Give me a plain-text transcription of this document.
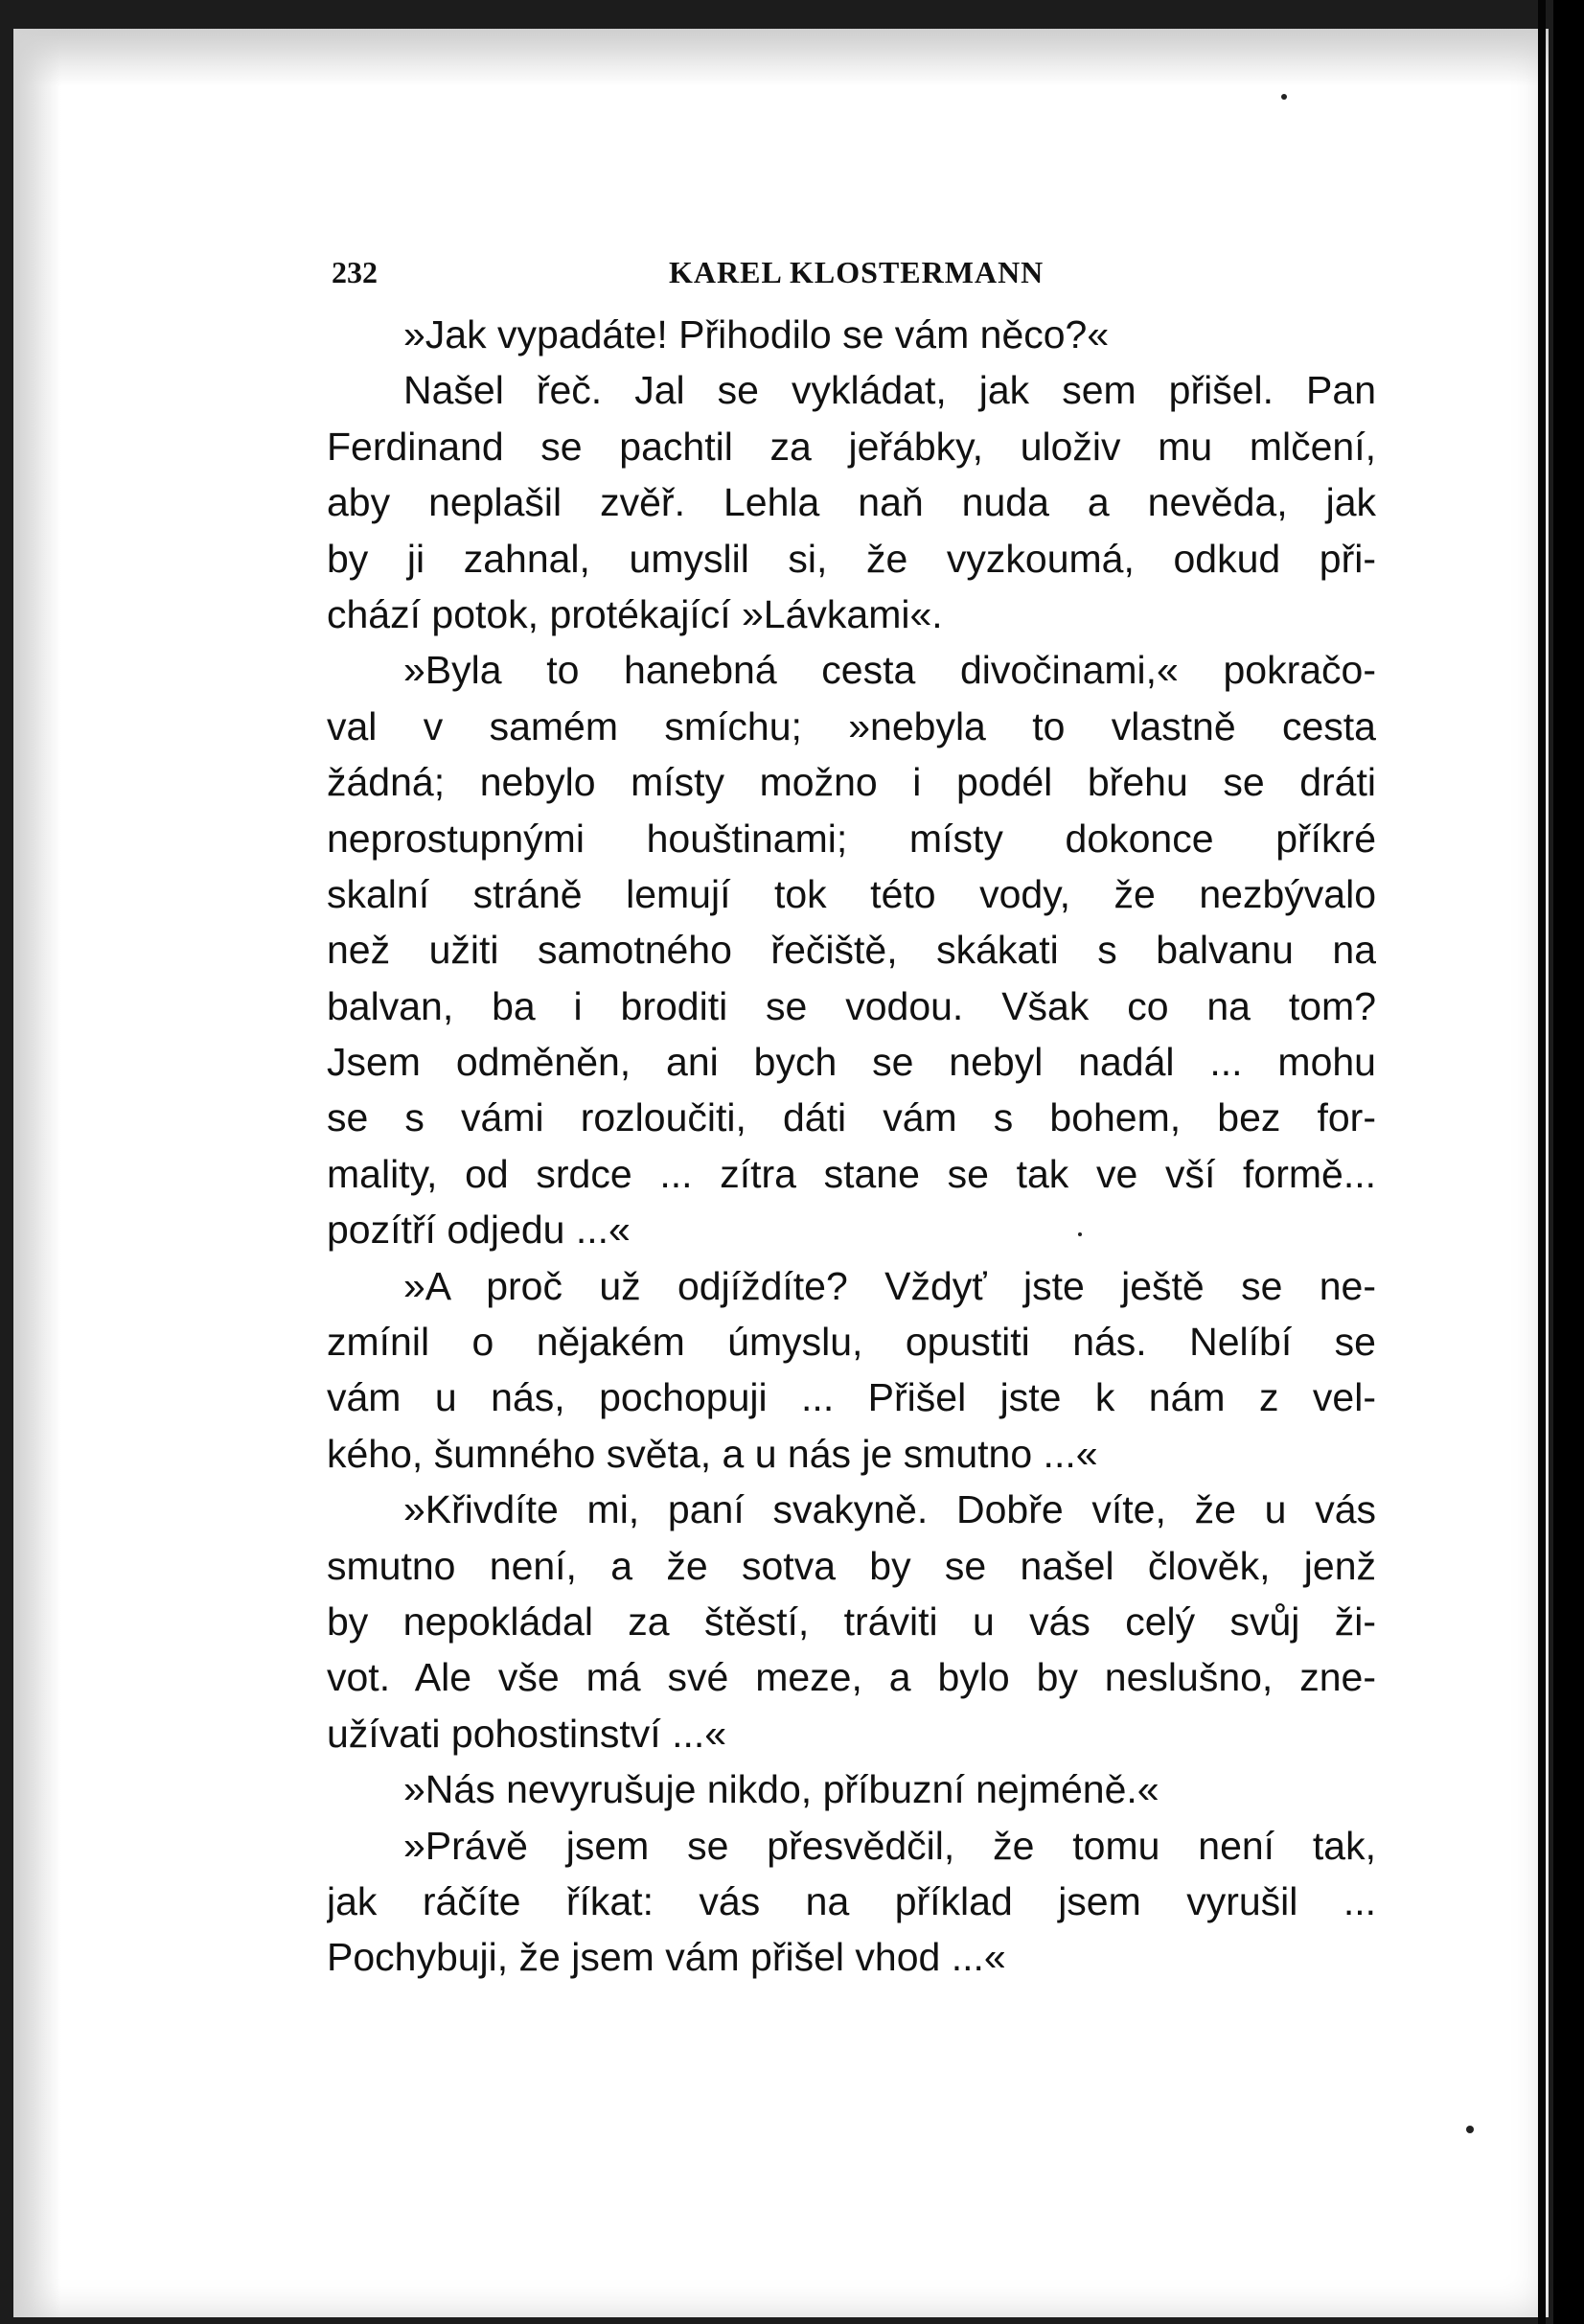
232	KAREL KLOSTERMANN
»Jak vypadáte! Přihodilo se vám něco?«
Našel řeč. Jal se vykládat, jak sem přišel. Pan
Ferdinand se pachtil za jeřábky, uloživ mu mlčení,
aby neplašil zvěř. Lehla naň nuda a nevěda, jak
by ji zahnal, umyslil si, že vyzkoumá, odkud při-
chází potok, protékající »Lávkami«.
»Byla to hanebná cesta divočinami,« pokračo-
val v samém smíchu; »nebyla to vlastně cesta
žádná; nebylo místy možno i podél břehu se dráti
neprostupnými houštinami; místy dokonce příkré
skalní stráně lemují tok této vody, že nezbývalo
než užiti samotného řečiště, skákati s balvanu na
balvan, ba i broditi se vodou. Však co na tom?
Jsem odměněn, ani bych se nebyl nadál ... mohu
se s vámi rozloučiti, dáti vám s bohem, bez for-
mality, od srdce ... zítra stane se tak ve vší formě...
pozítří odjedu ...«
»A proč už odjíždíte? Vždyť jste ještě se ne-
zmínil o nějakém úmyslu, opustiti nás. Nelíbí se
vám u nás, pochopuji ... Přišel jste k nám z vel-
kého, šumného světa, a u nás je smutno ...«
»Křivdíte mi, paní svakyně. Dobře víte, že u vás
smutno není, a že sotva by se našel člověk, jenž
by nepokládal za štěstí, tráviti u vás celý svůj ži-
vot. Ale vše má své meze, a bylo by neslušno, zne-
užívati pohostinství ...«
»Nás nevyrušuje nikdo, příbuzní nejméně.«
»Právě jsem se přesvědčil, že tomu není tak,
jak ráčíte říkat: vás na příklad jsem vyrušil ...
Pochybuji, že jsem vám přišel vhod ...«
